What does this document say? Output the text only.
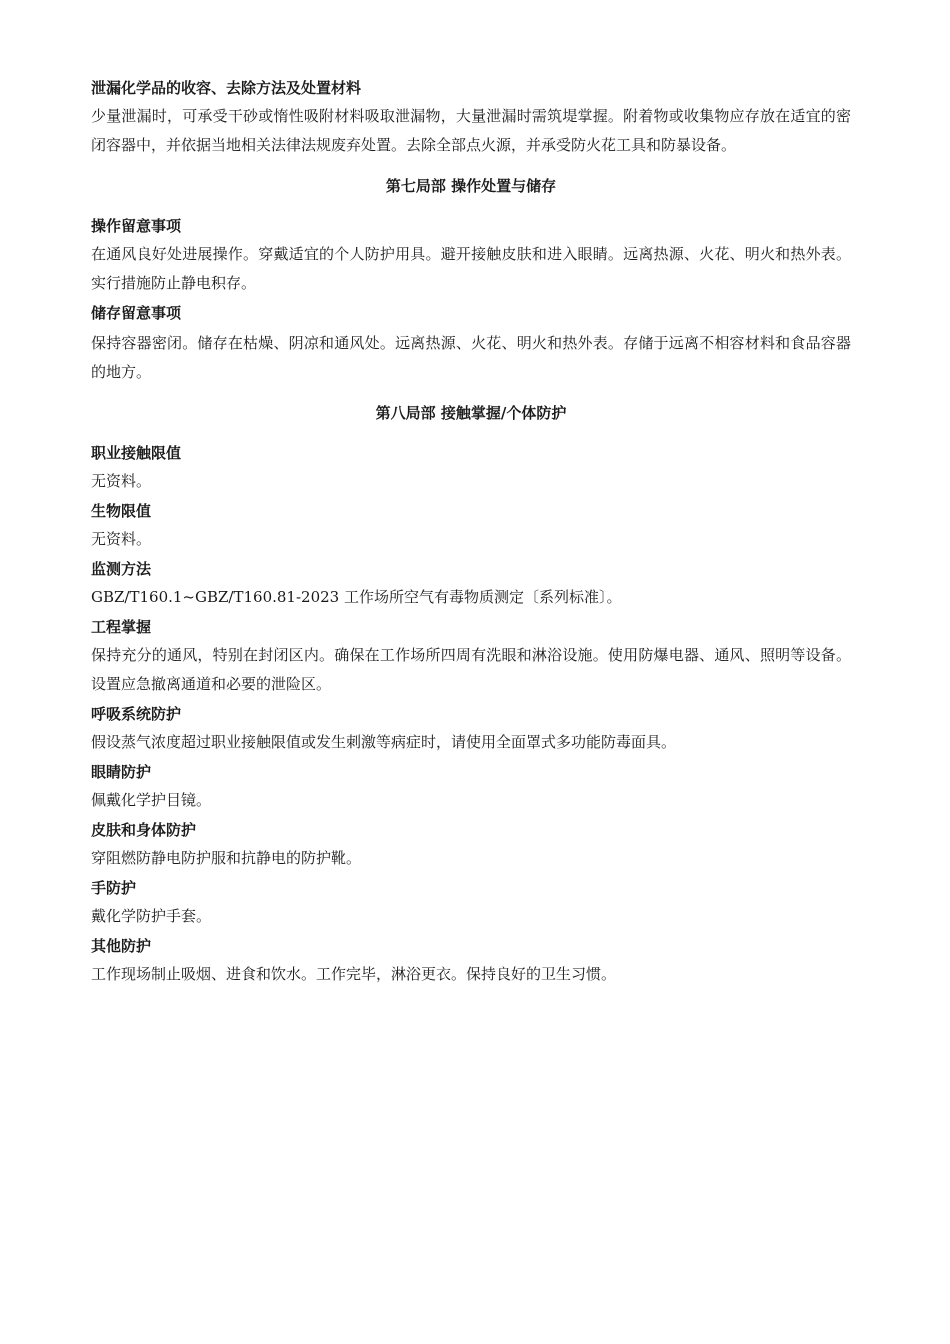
泄漏化学品的收容、去除方法及处置材料
少量泄漏时，可承受干砂或惰性吸附材料吸取泄漏物，大量泄漏时需筑堤掌握。附着物或收集物应存放在适宜的密闭容器中，并依据当地相关法律法规废弃处置。去除全部点火源，并承受防火花工具和防暴设备。
第七局部 操作处置与储存
操作留意事项
在通风良好处进展操作。穿戴适宜的个人防护用具。避开接触皮肤和进入眼睛。远离热源、火花、明火和热外表。实行措施防止静电积存。
储存留意事项
保持容器密闭。储存在枯燥、阴凉和通风处。远离热源、火花、明火和热外表。存储于远离不相容材料和食品容器的地方。
第八局部 接触掌握/个体防护
职业接触限值
无资料。
生物限值
无资料。
监测方法
GBZ/T160.1~GBZ/T160.81-2023 工作场所空气有毒物质测定〔系列标准〕。
工程掌握
保持充分的通风，特别在封闭区内。确保在工作场所四周有洗眼和淋浴设施。使用防爆电器、通风、照明等设备。设置应急撤离通道和必要的泄险区。
呼吸系统防护
假设蒸气浓度超过职业接触限值或发生刺激等病症时，请使用全面罩式多功能防毒面具。
眼睛防护
佩戴化学护目镜。
皮肤和身体防护
穿阻燃防静电防护服和抗静电的防护靴。
手防护
戴化学防护手套。
其他防护
工作现场制止吸烟、进食和饮水。工作完毕，淋浴更衣。保持良好的卫生习惯。
